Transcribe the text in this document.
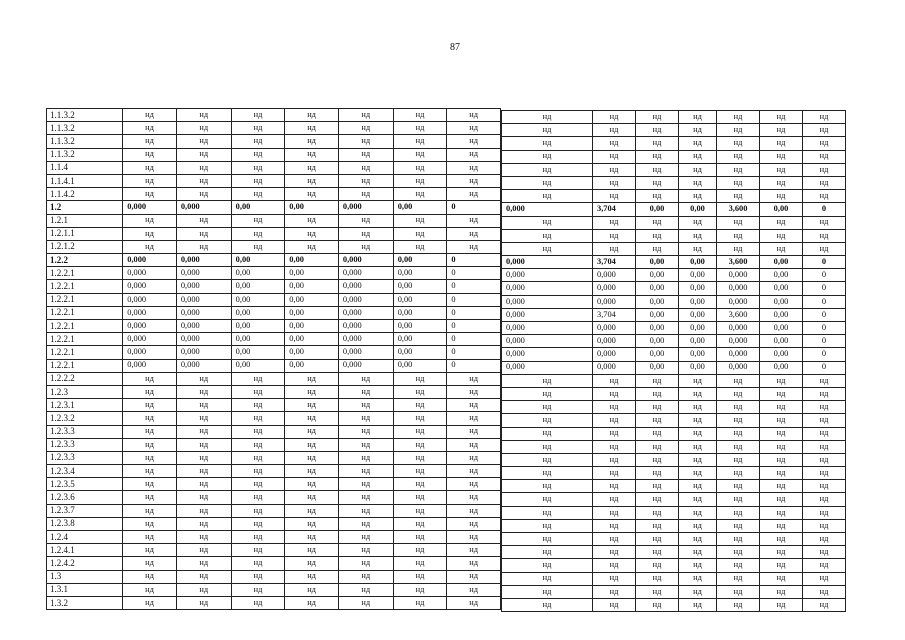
87
1.1.3.2	нд	нд	нд	нд	нд	нд	нд
1.1.3.2	нд	нд	нд	нд	нд	нд	нд
1.1.3.2	нд	нд	нд	нд	нд	нд	нд
1.1.3.2	нд	нд	нд	нд	нд	нд	нд
1.1.4	нд	нд	нд	нд	нд	нд	нд
1.1.4.1	нд	нд	нд	нд	нд	нд	нд
1.1.4.2	нд	нд	нд	нд	нд	нд	нд
1.2	0,000	0,000	0,00	0,00	0,000	0,00	0
1.2.1	нд	нд	нд	нд	нд	нд	нд
1.2.1.1	нд	нд	нд	нд	нд	нд	нд
1.2.1.2	нд	нд	нд	нд	нд	нд	нд
1.2.2	0,000	0,000	0,00	0,00	0,000	0,00	0
1.2.2.1	0,000	0,000	0,00	0,00	0,000	0,00	0
1.2.2.1	0,000	0,000	0,00	0,00	0,000	0,00	0
1.2.2.1	0,000	0,000	0,00	0,00	0,000	0,00	0
1.2.2.1	0,000	0,000	0,00	0,00	0,000	0,00	0
1.2.2.1	0,000	0,000	0,00	0,00	0,000	0,00	0
1.2.2.1	0,000	0,000	0,00	0,00	0,000	0,00	0
1.2.2.1	0,000	0,000	0,00	0,00	0,000	0,00	0
1.2.2.1	0,000	0,000	0,00	0,00	0,000	0,00	0
1.2.2.2	нд	нд	нд	нд	нд	нд	нд
1.2.3	нд	нд	нд	нд	нд	нд	нд
1.2.3.1	нд	нд	нд	нд	нд	нд	нд
1.2.3.2	нд	нд	нд	нд	нд	нд	нд
1.2.3.3	нд	нд	нд	нд	нд	нд	нд
1.2.3.3	нд	нд	нд	нд	нд	нд	нд
1.2.3.3	нд	нд	нд	нд	нд	нд	нд
1.2.3.4	нд	нд	нд	нд	нд	нд	нд
1.2.3.5	нд	нд	нд	нд	нд	нд	нд
1.2.3.6	нд	нд	нд	нд	нд	нд	нд
1.2.3.7	нд	нд	нд	нд	нд	нд	нд
1.2.3.8	нд	нд	нд	нд	нд	нд	нд
1.2.4	нд	нд	нд	нд	нд	нд	нд
1.2.4.1	нд	нд	нд	нд	нд	нд	нд
1.2.4.2	нд	нд	нд	нд	нд	нд	нд
1.3	нд	нд	нд	нд	нд	нд	нд
1.3.1	нд	нд	нд	нд	нд	нд	нд
1.3.2	нд	нд	нд	нд	нд	нд	нд
нд	нд	нд	нд	нд	нд	нд
нд	нд	нд	нд	нд	нд	нд
нд	нд	нд	нд	нд	нд	нд
нд	нд	нд	нд	нд	нд	нд
нд	нд	нд	нд	нд	нд	нд
нд	нд	нд	нд	нд	нд	нд
нд	нд	нд	нд	нд	нд	нд
0,000	3,704	0,00	0,00	3,600	0,00	0
нд	нд	нд	нд	нд	нд	нд
нд	нд	нд	нд	нд	нд	нд
нд	нд	нд	нд	нд	нд	нд
0,000	3,704	0,00	0,00	3,600	0,00	0
0,000	0,000	0,00	0,00	0,000	0,00	0
0,000	0,000	0,00	0,00	0,000	0,00	0
0,000	0,000	0,00	0,00	0,000	0,00	0
0,000	3,704	0,00	0,00	3,600	0,00	0
0,000	0,000	0,00	0,00	0,000	0,00	0
0,000	0,000	0,00	0,00	0,000	0,00	0
0,000	0,000	0,00	0,00	0,000	0,00	0
0,000	0,000	0,00	0,00	0,000	0,00	0
нд	нд	нд	нд	нд	нд	нд
нд	нд	нд	нд	нд	нд	нд
нд	нд	нд	нд	нд	нд	нд
нд	нд	нд	нд	нд	нд	нд
нд	нд	нд	нд	нд	нд	нд
нд	нд	нд	нд	нд	нд	нд
нд	нд	нд	нд	нд	нд	нд
нд	нд	нд	нд	нд	нд	нд
нд	нд	нд	нд	нд	нд	нд
нд	нд	нд	нд	нд	нд	нд
нд	нд	нд	нд	нд	нд	нд
нд	нд	нд	нд	нд	нд	нд
нд	нд	нд	нд	нд	нд	нд
нд	нд	нд	нд	нд	нд	нд
нд	нд	нд	нд	нд	нд	нд
нд	нд	нд	нд	нд	нд	нд
нд	нд	нд	нд	нд	нд	нд
нд	нд	нд	нд	нд	нд	нд
